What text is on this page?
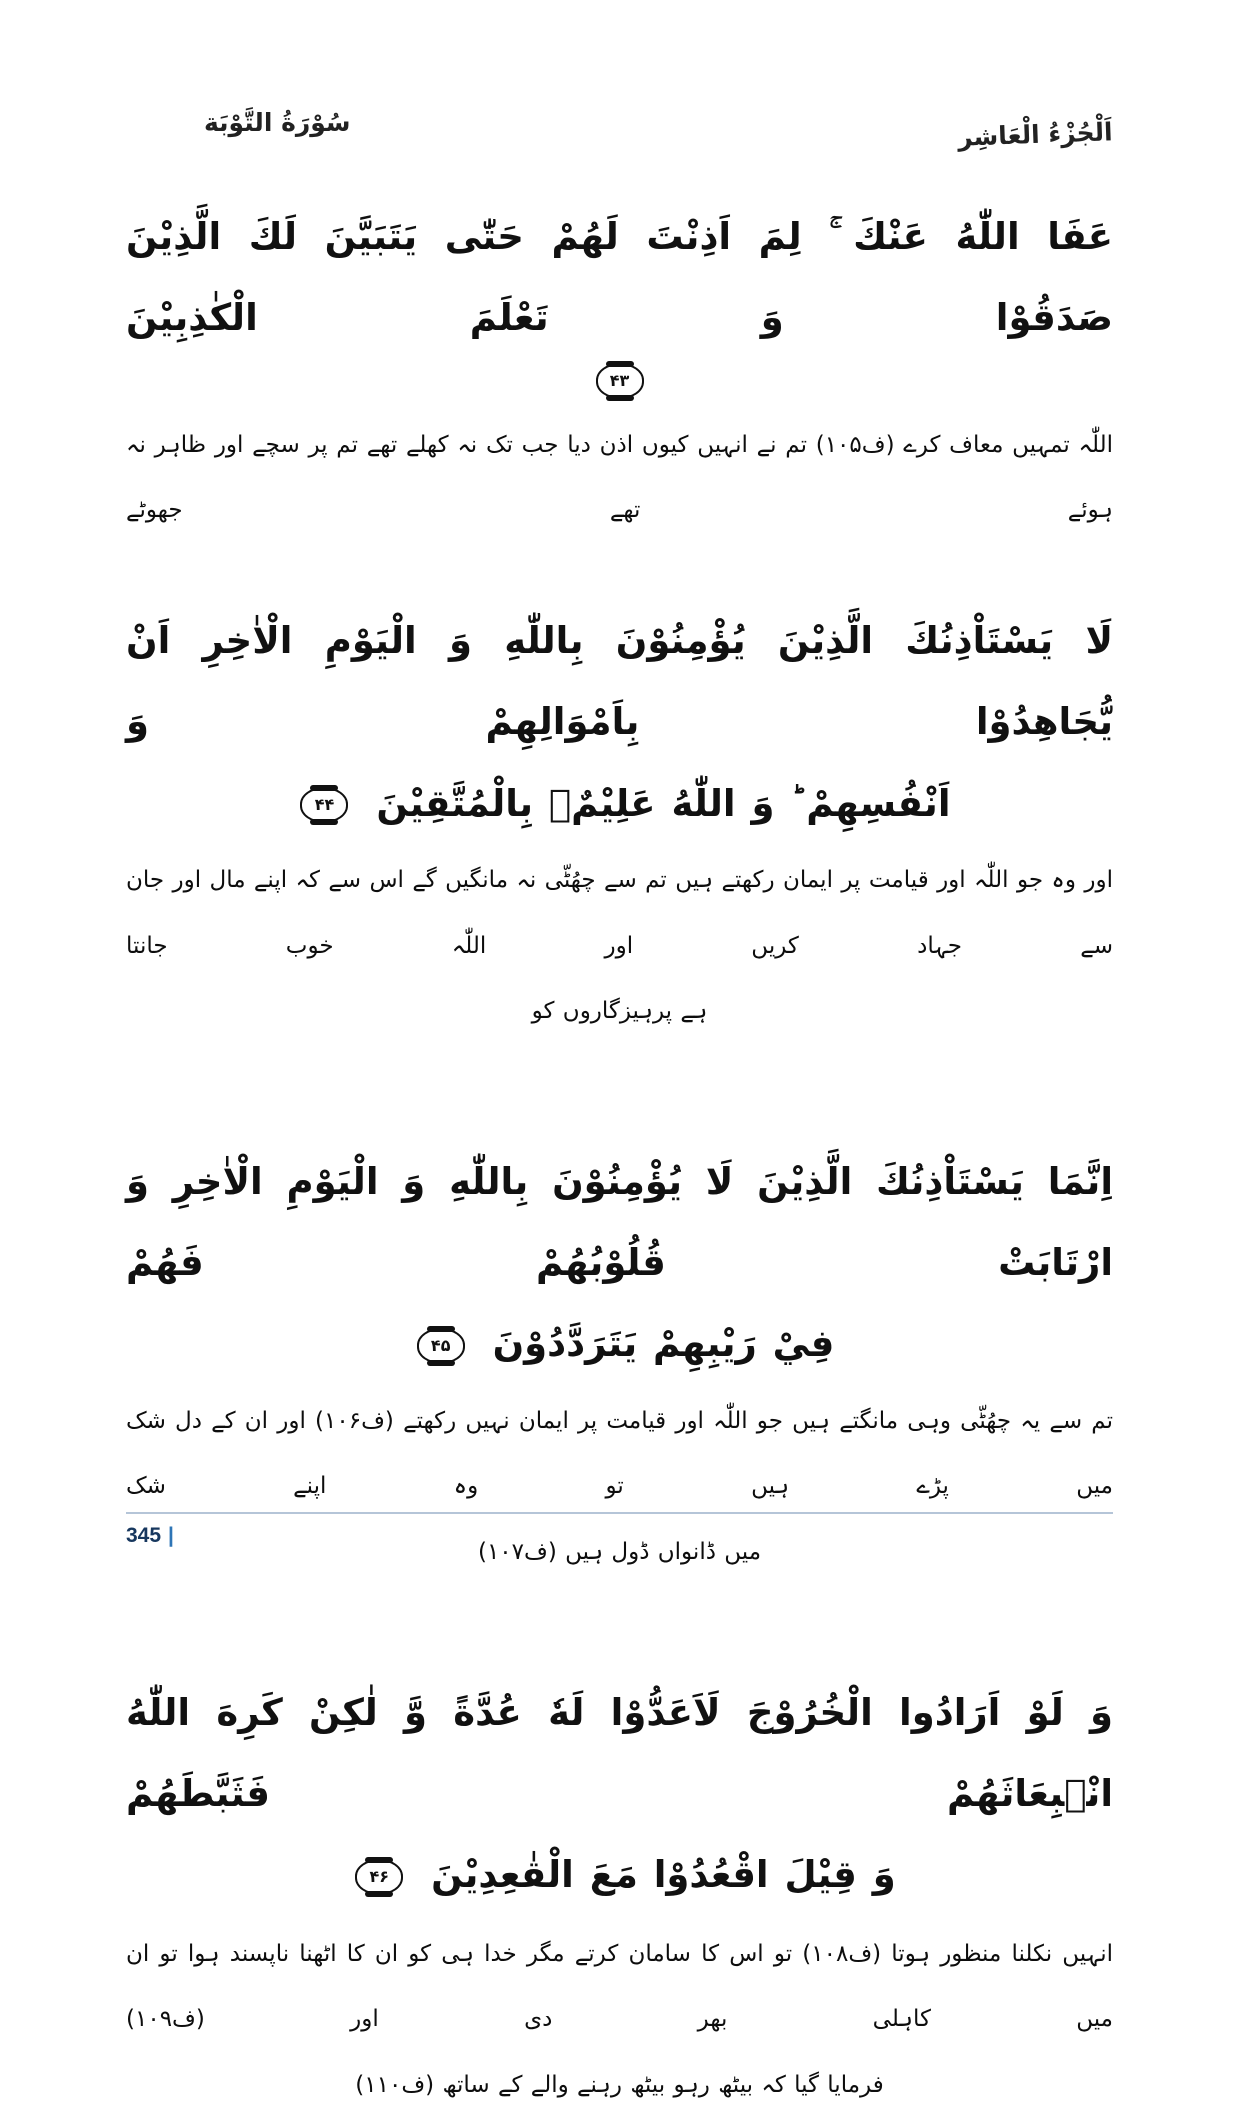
اَلْجُزْءُ الْعَاشِر
سُوْرَةُ التَّوْبَة
عَفَا اللّٰهُ عَنْكَ ۚ لِمَ اَذِنْتَ لَهُمْ حَتّٰى يَتَبَيَّنَ لَكَ الَّذِيْنَ صَدَقُوْا وَ تَعْلَمَ الْكٰذِبِيْنَ
۴۳
اللّٰہ تمہیں معاف کرے (ف۱۰۵) تم نے انہیں کیوں اذن دیا جب تک نہ کھلے تھے تم پر سچے اور ظاہر نہ ہوئے تھے جھوٹے
لَا يَسْتَاْذِنُكَ الَّذِيْنَ يُؤْمِنُوْنَ بِاللّٰهِ وَ الْيَوْمِ الْاٰخِرِ اَنْ يُّجَاهِدُوْا بِاَمْوَالِهِمْ وَ
اَنْفُسِهِمْ ؕ وَ اللّٰهُ عَلِيْمٌۢ بِالْمُتَّقِيْنَ ۴۴
اور وہ جو اللّٰہ اور قیامت پر ایمان رکھتے ہیں تم سے چھُٹّی نہ مانگیں گے اس سے کہ اپنے مال اور جان سے جہاد کریں اور اللّٰہ خوب جانتا
ہے پرہیزگاروں کو
اِنَّمَا يَسْتَاْذِنُكَ الَّذِيْنَ لَا يُؤْمِنُوْنَ بِاللّٰهِ وَ الْيَوْمِ الْاٰخِرِ وَ ارْتَابَتْ قُلُوْبُهُمْ فَهُمْ
فِيْ رَيْبِهِمْ يَتَرَدَّدُوْنَ ۴۵
تم سے یہ چھُٹّی وہی مانگتے ہیں جو اللّٰہ اور قیامت پر ایمان نہیں رکھتے (ف۱۰۶) اور ان کے دل شک میں پڑے ہیں تو وہ اپنے شک
میں ڈانواں ڈول ہیں (ف۱۰۷)
وَ لَوْ اَرَادُوا الْخُرُوْجَ لَاَعَدُّوْا لَهٗ عُدَّةً وَّ لٰكِنْ كَرِهَ اللّٰهُ انْۢبِعَاثَهُمْ فَثَبَّطَهُمْ
وَ قِيْلَ اقْعُدُوْا مَعَ الْقٰعِدِيْنَ ۴۶
انہیں نکلنا منظور ہوتا (ف۱۰۸) تو اس کا سامان کرتے مگر خدا ہی کو ان کا اٹھنا ناپسند ہوا تو ان میں کاہلی بھر دی اور (ف۱۰۹)
فرمایا گیا کہ بیٹھ رہو بیٹھ رہنے والے کے ساتھ (ف۱۱۰)
345 |
